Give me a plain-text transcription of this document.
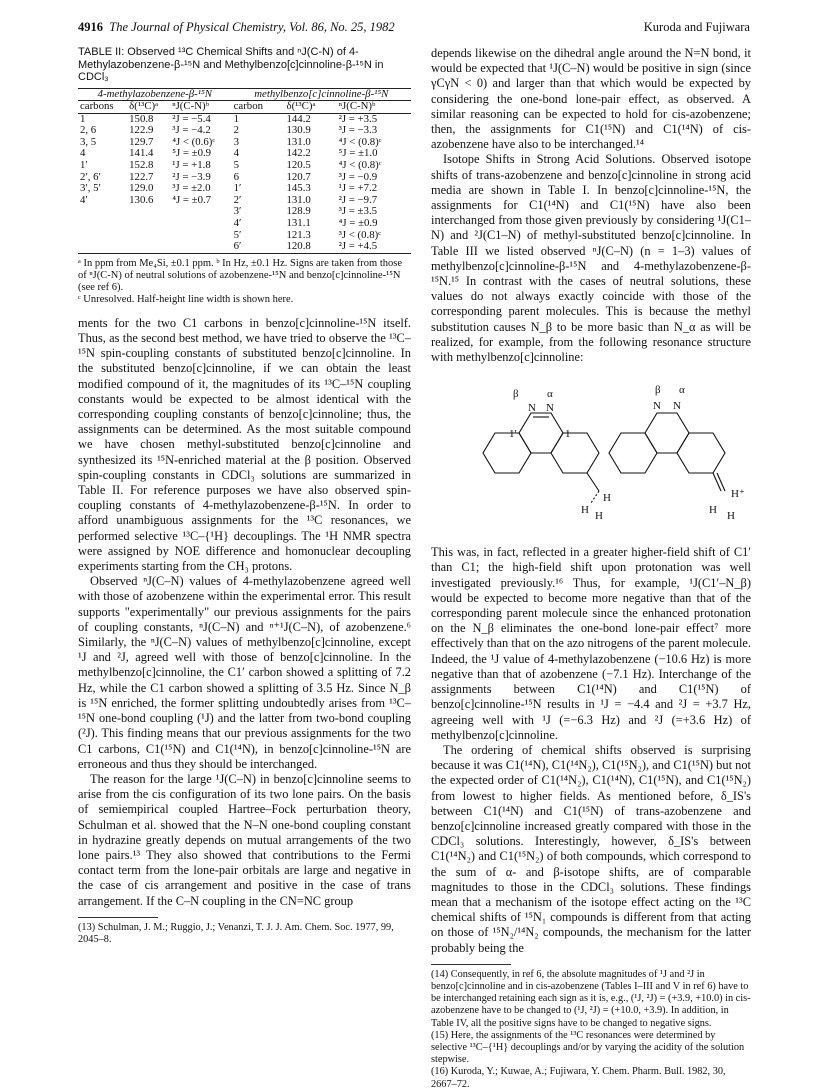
4916 The Journal of Physical Chemistry, Vol. 86, No. 25, 1982	Kuroda and Fujiwara
TABLE II: Observed ¹³C Chemical Shifts and ⁿJ(C-N) of 4-Methylazobenzene-β-¹⁵N and Methylbenzo[c]cinnoline-β-¹⁵N in CDCl₃
4-methylazobenzene-β-¹⁵N			methylbenzo[c]cinnoline-β-¹⁵N		
carbons	δ(¹³C)ᵃ	ⁿJ(C-N)ᵇ	carbon	δ(¹³C)ᵃ	ⁿJ(C-N)ᵇ
1	150.8	²J = −5.4	1	144.2	²J = +3.5
2, 6	122.9	³J = −4.2	2	130.9	³J = −3.3
3, 5	129.7	⁴J < (0.6)ᶜ	3	131.0	⁴J < (0.8)ᶜ
4	141.4	⁵J = ±0.9	4	142.2	⁵J = ±1.0
1′	152.8	¹J = +1.8	5	120.5	⁴J < (0.8)ᶜ
2′, 6′	122.7	²J = −3.9	6	120.7	³J = −0.9
3′, 5′	129.0	³J = ±2.0	1′	145.3	¹J = +7.2
4′	130.6	⁴J = ±0.7	2′	131.0	²J = −9.7
			3′	128.9	³J = ±3.5
			4′	131.1	⁴J = ±0.9
			5′	121.3	³J < (0.8)ᶜ
			6′	120.8	²J = +4.5
ᵃ In ppm from Me₄Si, ±0.1 ppm. ᵇ In Hz, ±0.1 Hz. Signs are taken from those of ⁿJ(C-N) of neutral solutions of azobenzene-¹⁵N and benzo[c]cinnoline-¹⁵N (see ref 6).
ᶜ Unresolved. Half-height line width is shown here.

ments for the two C1 carbons in benzo[c]cinnoline-¹⁵N itself. Thus, as the second best method, we have tried to observe the ¹³C–¹⁵N spin-coupling constants of substituted benzo[c]cinnoline. In the substituted benzo[c]cinnoline, if we can obtain the least modified compound of it, the magnitudes of its ¹³C–¹⁵N coupling constants would be expected to be almost identical with the corresponding coupling constants of benzo[c]cinnoline; thus, the assignments can be determined. As the most suitable compound we have chosen methyl-substituted benzo[c]cinnoline and synthesized its ¹⁵N-enriched material at the β position. Observed spin-coupling constants in CDCl₃ solutions are summarized in Table II. For reference purposes we have also observed spin-coupling constants of 4-methylazobenzene-β-¹⁵N. In order to afford unambiguous assignments for the ¹³C resonances, we performed selective ¹³C–{¹H} decouplings. The ¹H NMR spectra were assigned by NOE difference and homonuclear decoupling experiments starting from the CH₃ protons.

Observed ⁿJ(C–N) values of 4-methylazobenzene agreed well with those of azobenzene within the experimental error. This result supports "experimentally" our previous assignments for the pairs of coupling constants, ⁿJ(C–N) and ⁿ⁺¹J(C–N), of azobenzene.⁶ Similarly, the ⁿJ(C–N) values of methylbenzo[c]cinnoline, except ¹J and ²J, agreed well with those of benzo[c]cinnoline. In the methylbenzo[c]cinnoline, the C1′ carbon showed a splitting of 7.2 Hz, while the C1 carbon showed a splitting of 3.5 Hz. Since N_β is ¹⁵N enriched, the former splitting undoubtedly arises from ¹³C–¹⁵N one-bond coupling (¹J) and the latter from two-bond coupling (²J). This finding means that our previous assignments for the two C1 carbons, C1(¹⁵N) and C1(¹⁴N), in benzo[c]cinnoline-¹⁵N are erroneous and thus they should be interchanged.

The reason for the large ¹J(C–N) in benzo[c]cinnoline seems to arise from the cis configuration of its two lone pairs. On the basis of semiempirical coupled Hartree–Fock perturbation theory, Schulman et al. showed that the N–N one-bond coupling constant in hydrazine greatly depends on mutual arrangements of the two lone pairs.¹³ They also showed that contributions to the Fermi contact term from the lone-pair orbitals are large and negative in the case of cis arrangement and positive in the case of trans arrangement. If the C–N coupling in the CN=NC group

(13) Schulman, J. M.; Ruggio, J.; Venanzi, T. J. J. Am. Chem. Soc. 1977, 99, 2045–8.

depends likewise on the dihedral angle around the N=N bond, it would be expected that ¹J(C–N) would be positive in sign (since γCγN < 0) and larger than that which would be expected by considering the one-bond lone-pair effect, as observed. A similar reasoning can be expected to hold for cis-azobenzene; then, the assignments for C1(¹⁵N) and C1(¹⁴N) of cis-azobenzene have also to be interchanged.¹⁴

Isotope Shifts in Strong Acid Solutions. Observed isotope shifts of trans-azobenzene and benzo[c]cinnoline in strong acid media are shown in Table I. In benzo[c]cinnoline-¹⁵N, the assignments for C1(¹⁴N) and C1(¹⁵N) have also been interchanged from those given previously by considering ¹J(C1–N) and ²J(C1–N) of methyl-substituted benzo[c]cinnoline. In Table III we listed observed ⁿJ(C–N) (n = 1–3) values of methylbenzo[c]cinnoline-β-¹⁵N and 4-methylazobenzene-β-¹⁵N.¹⁵ In contrast with the cases of neutral solutions, these values do not always exactly coincide with those of the corresponding parent molecules. This is because the methyl substitution causes N_β to be more basic than N_α as will be realized, for example, from the following resonance structure with methylbenzo[c]cinnoline:

β	α
N N
1′	1
H
H H
β α
N N
H⁺
H H

This was, in fact, reflected in a greater higher-field shift of C1′ than C1; the high-field shift upon protonation was well investigated previously.¹⁶ Thus, for example, ¹J(C1′–N_β) would be expected to become more negative than that of the corresponding parent molecule since the enhanced protonation on the N_β eliminates the one-bond lone-pair effect⁷ more effectively than that on the azo nitrogens of the parent molecule. Indeed, the ¹J value of 4-methylazobenzene (−10.6 Hz) is more negative than that of azobenzene (−7.1 Hz). Interchange of the assignments between C1(¹⁴N) and C1(¹⁵N) of benzo[c]cinnoline-¹⁵N results in ¹J = −4.4 and ²J = +3.7 Hz, agreeing well with ¹J (=−6.3 Hz) and ²J (=+3.6 Hz) of methylbenzo[c]cinnoline.

The ordering of chemical shifts observed is surprising because it was C1(¹⁴N), C1(¹⁴N₂), C1(¹⁵N₂), and C1(¹⁵N) but not the expected order of C1(¹⁴N₂), C1(¹⁴N), C1(¹⁵N), and C1(¹⁵N₂) from lowest to higher fields. As mentioned before, δ_IS's between C1(¹⁴N) and C1(¹⁵N) of trans-azobenzene and benzo[c]cinnoline increased greatly compared with those in the CDCl₃ solutions. Interestingly, however, δ_IS's between C1(¹⁴N₂) and C1(¹⁵N₂) of both compounds, which correspond to the sum of α- and β-isotope shifts, are of comparable magnitudes to those in the CDCl₃ solutions. These findings mean that a mechanism of the isotope effect acting on the ¹³C chemical shifts of ¹⁵N₁ compounds is different from that acting on those of ¹⁵N₂/¹⁴N₂ compounds, the mechanism for the latter probably being the

(14) Consequently, in ref 6, the absolute magnitudes of ¹J and ²J in benzo[c]cinnoline and in cis-azobenzene (Tables I–III and V in ref 6) have to be interchanged retaining each sign as it is, e.g., (¹J, ²J) = (+3.9, +10.0) in cis-azobenzene have to be changed to (¹J, ²J) = (+10.0, +3.9). In addition, in Table IV, all the positive signs have to be changed to negative signs.
(15) Here, the assignments of the ¹³C resonances were determined by selective ¹³C–{¹H} decouplings and/or by varying the acidity of the solution stepwise.
(16) Kuroda, Y.; Kuwae, A.; Fujiwara, Y. Chem. Pharm. Bull. 1982, 30, 2667–72.
